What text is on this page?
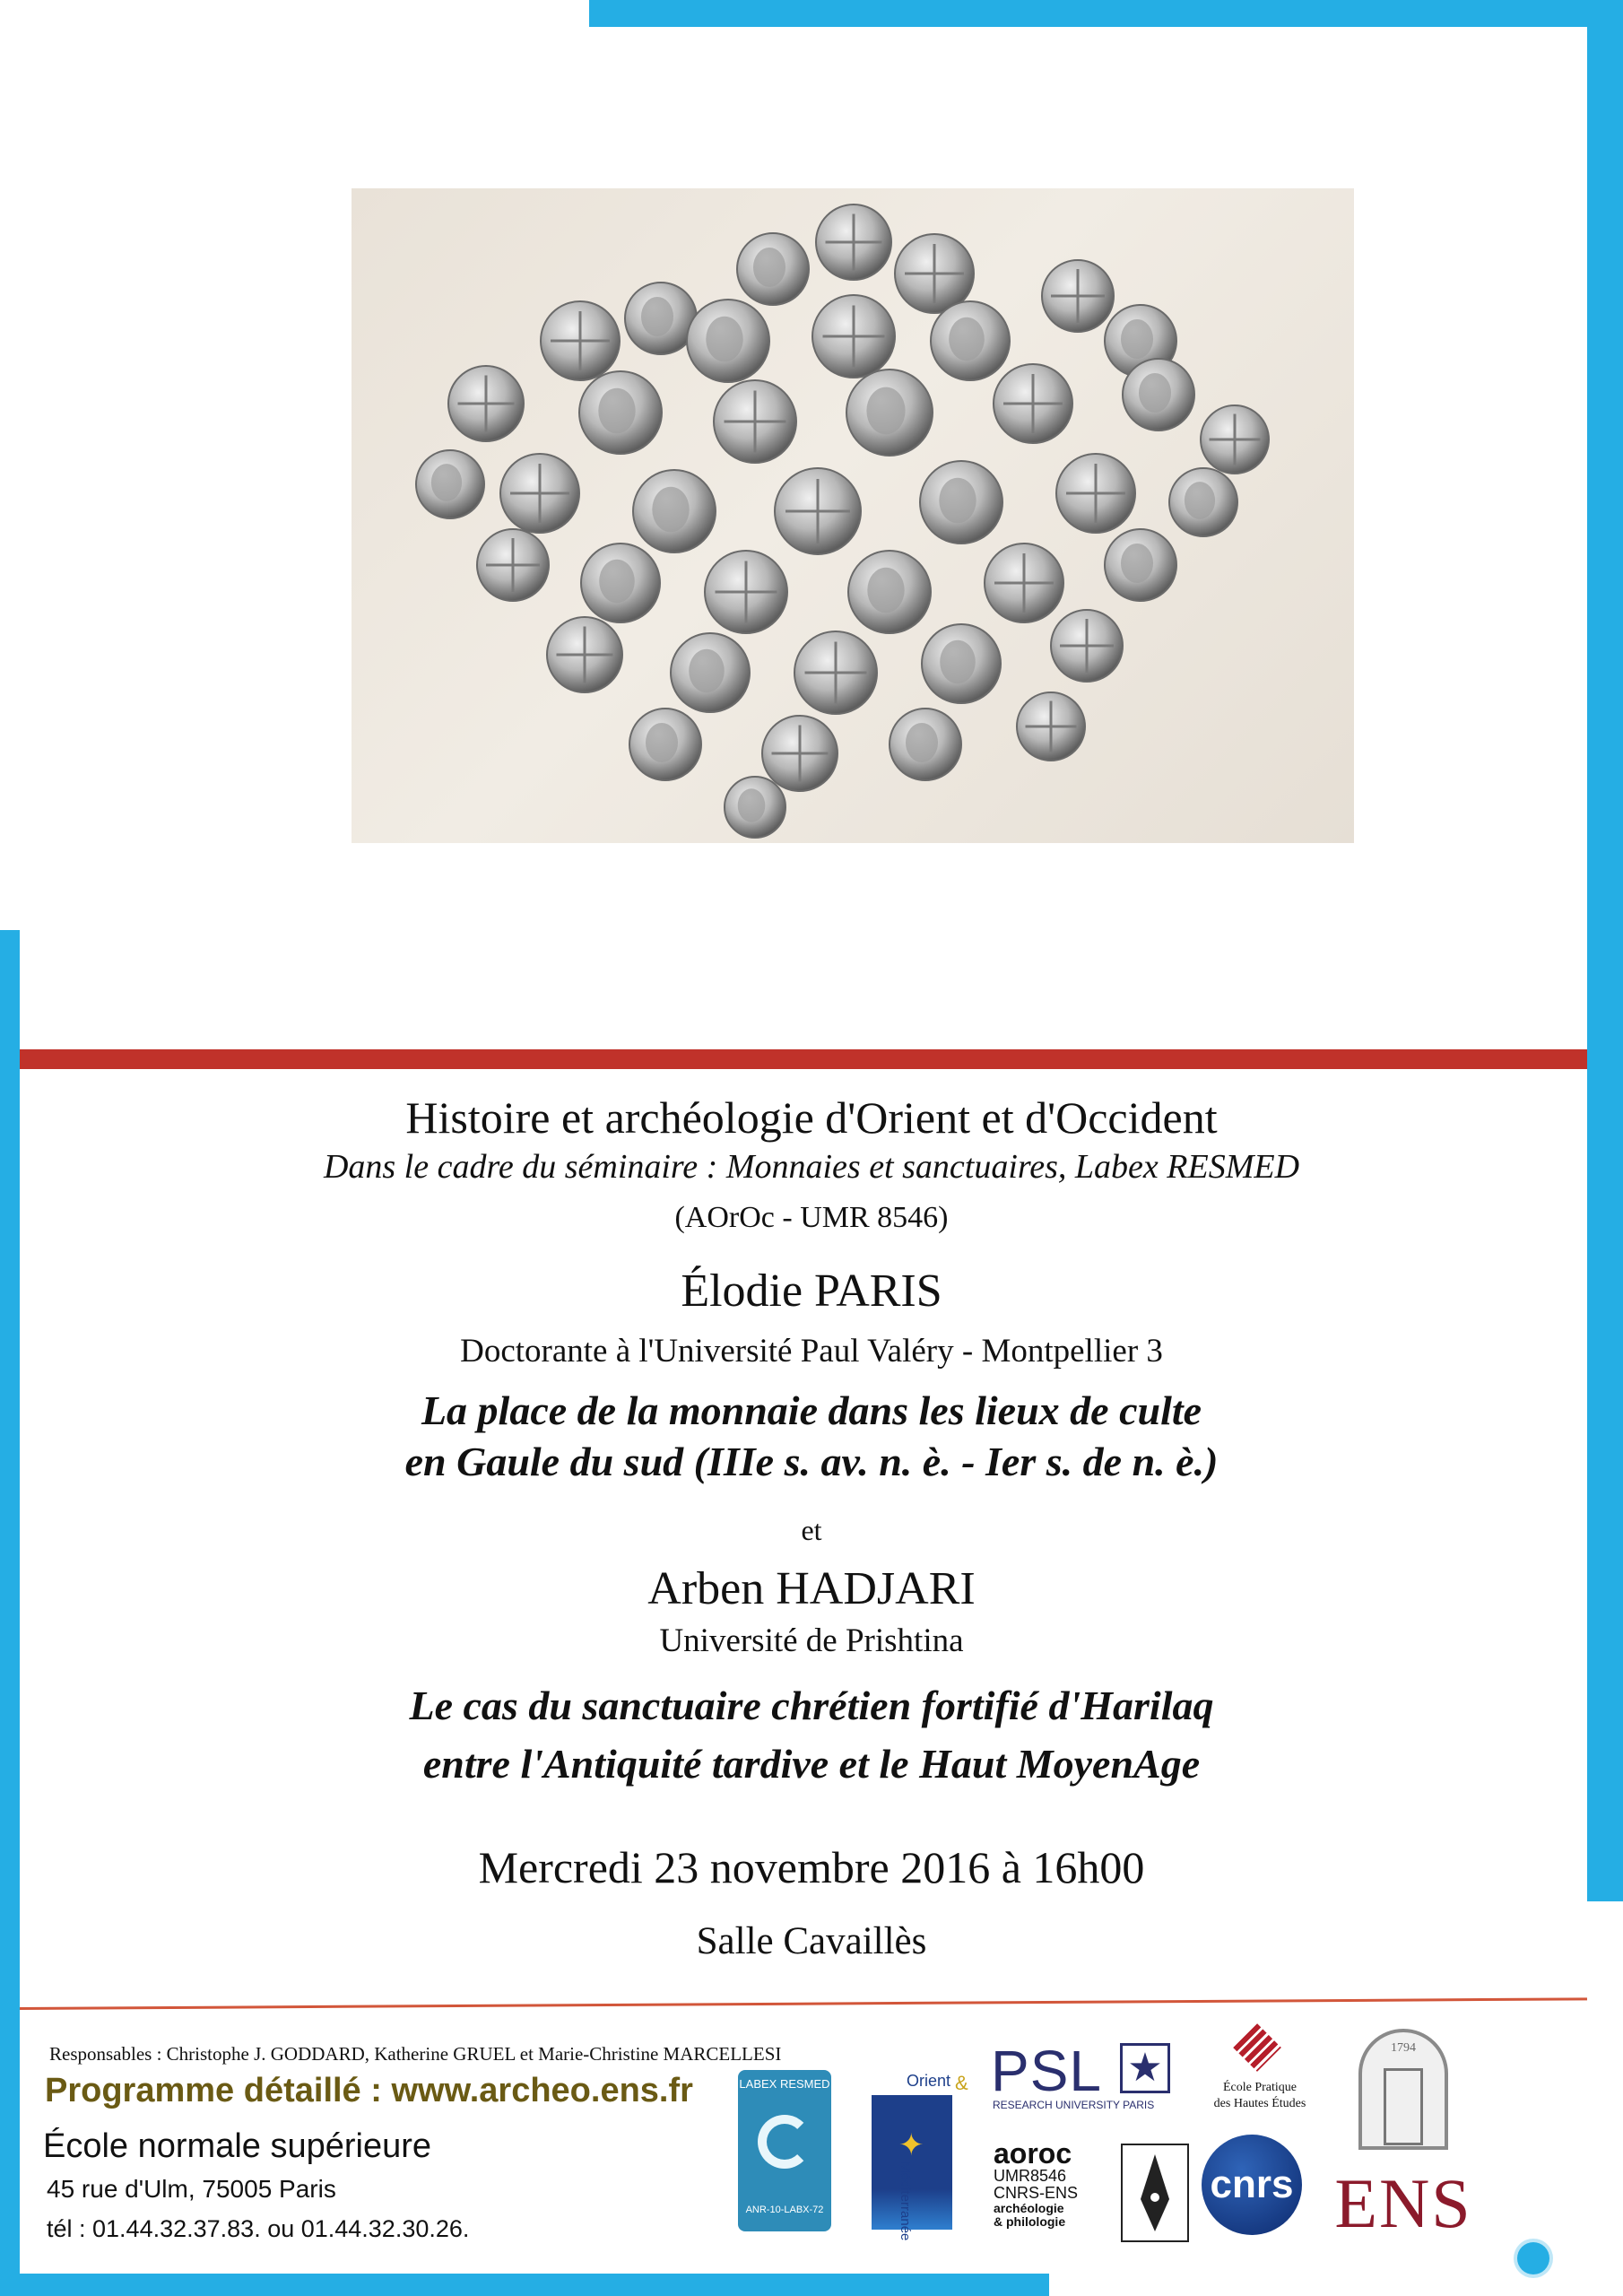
Histoire et archéologie d'Orient et d'Occident
Dans le cadre du séminaire : Monnaies et sanctuaires, Labex RESMED
(AOrOc - UMR 8546)
Élodie PARIS
Doctorante à l'Université Paul Valéry - Montpellier 3
La place de la monnaie dans les lieux de culte
en Gaule du sud (IIIe s. av. n. è. - Ier s. de n. è.)
et
Arben HADJARI
Université de Prishtina
Le cas du sanctuaire chrétien fortifié d'Harilaq
entre l'Antiquité tardive et le Haut MoyenAge
Mercredi 23 novembre 2016 à 16h00
Salle Cavaillès
Responsables : Christophe J. GODDARD, Katherine GRUEL et Marie-Christine MARCELLESI
Programme détaillé : www.archeo.ens.fr
École normale supérieure
45 rue d'Ulm, 75005 Paris
tél : 01.44.32.37.83. ou 01.44.32.30.26.
LABEX RESMED
ANR-10-LABX-72
Orient &
✦
Méditerranée
PSL ★
RESEARCH UNIVERSITY PARIS
École Pratique
des Hautes Études
aoroc
UMR8546
CNRS-ENS
archéologie
& philologie
cnrs
1794
ENS
